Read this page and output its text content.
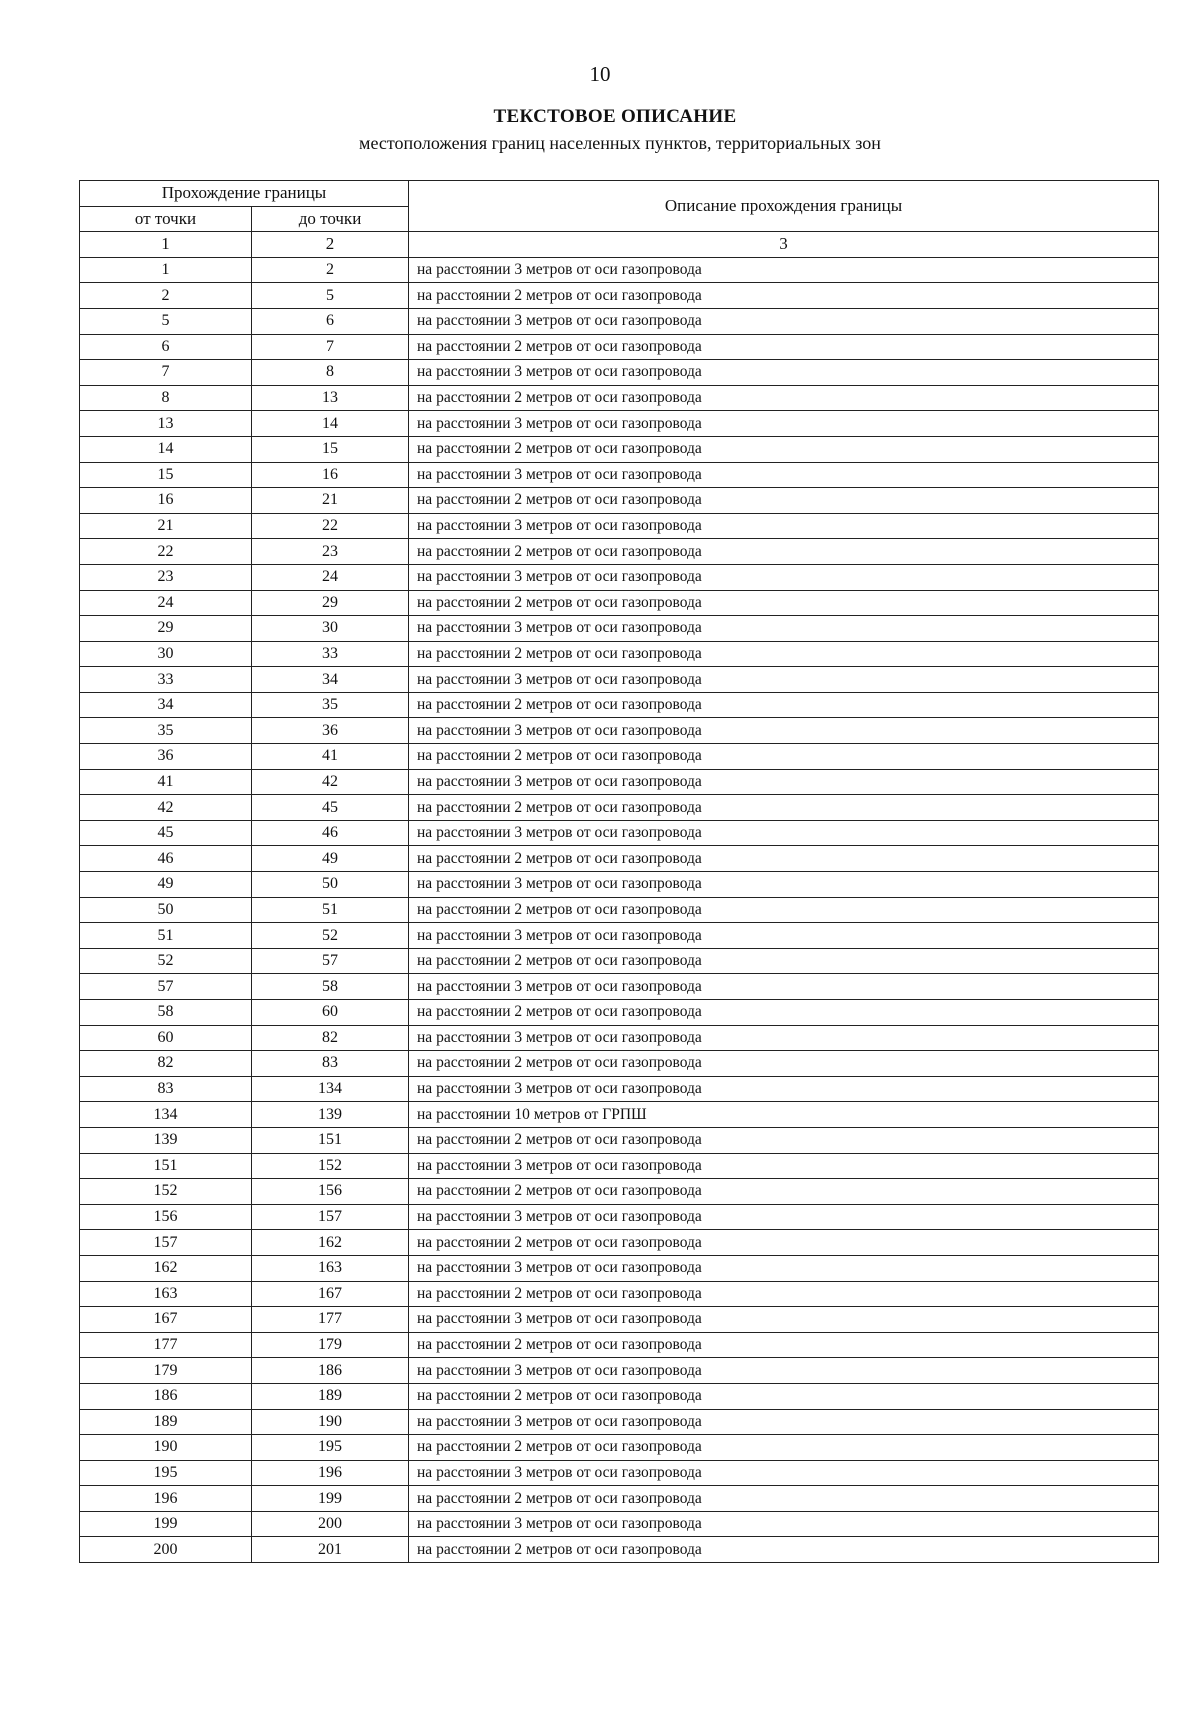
10
ТЕКСТОВОЕ ОПИСАНИЕ
местоположения границ населенных пунктов, территориальных зон
Прохождение границы		Описание прохождения границы
от точки	до точки	
1	2	3
1	2	на расстоянии 3 метров от оси газопровода
2	5	на расстоянии 2 метров от оси газопровода
5	6	на расстоянии 3 метров от оси газопровода
6	7	на расстоянии 2 метров от оси газопровода
7	8	на расстоянии 3 метров от оси газопровода
8	13	на расстоянии 2 метров от оси газопровода
13	14	на расстоянии 3 метров от оси газопровода
14	15	на расстоянии 2 метров от оси газопровода
15	16	на расстоянии 3 метров от оси газопровода
16	21	на расстоянии 2 метров от оси газопровода
21	22	на расстоянии 3 метров от оси газопровода
22	23	на расстоянии 2 метров от оси газопровода
23	24	на расстоянии 3 метров от оси газопровода
24	29	на расстоянии 2 метров от оси газопровода
29	30	на расстоянии 3 метров от оси газопровода
30	33	на расстоянии 2 метров от оси газопровода
33	34	на расстоянии 3 метров от оси газопровода
34	35	на расстоянии 2 метров от оси газопровода
35	36	на расстоянии 3 метров от оси газопровода
36	41	на расстоянии 2 метров от оси газопровода
41	42	на расстоянии 3 метров от оси газопровода
42	45	на расстоянии 2 метров от оси газопровода
45	46	на расстоянии 3 метров от оси газопровода
46	49	на расстоянии 2 метров от оси газопровода
49	50	на расстоянии 3 метров от оси газопровода
50	51	на расстоянии 2 метров от оси газопровода
51	52	на расстоянии 3 метров от оси газопровода
52	57	на расстоянии 2 метров от оси газопровода
57	58	на расстоянии 3 метров от оси газопровода
58	60	на расстоянии 2 метров от оси газопровода
60	82	на расстоянии 3 метров от оси газопровода
82	83	на расстоянии 2 метров от оси газопровода
83	134	на расстоянии 3 метров от оси газопровода
134	139	на расстоянии 10 метров от ГРПШ
139	151	на расстоянии 2 метров от оси газопровода
151	152	на расстоянии 3 метров от оси газопровода
152	156	на расстоянии 2 метров от оси газопровода
156	157	на расстоянии 3 метров от оси газопровода
157	162	на расстоянии 2 метров от оси газопровода
162	163	на расстоянии 3 метров от оси газопровода
163	167	на расстоянии 2 метров от оси газопровода
167	177	на расстоянии 3 метров от оси газопровода
177	179	на расстоянии 2 метров от оси газопровода
179	186	на расстоянии 3 метров от оси газопровода
186	189	на расстоянии 2 метров от оси газопровода
189	190	на расстоянии 3 метров от оси газопровода
190	195	на расстоянии 2 метров от оси газопровода
195	196	на расстоянии 3 метров от оси газопровода
196	199	на расстоянии 2 метров от оси газопровода
199	200	на расстоянии 3 метров от оси газопровода
200	201	на расстоянии 2 метров от оси газопровода
